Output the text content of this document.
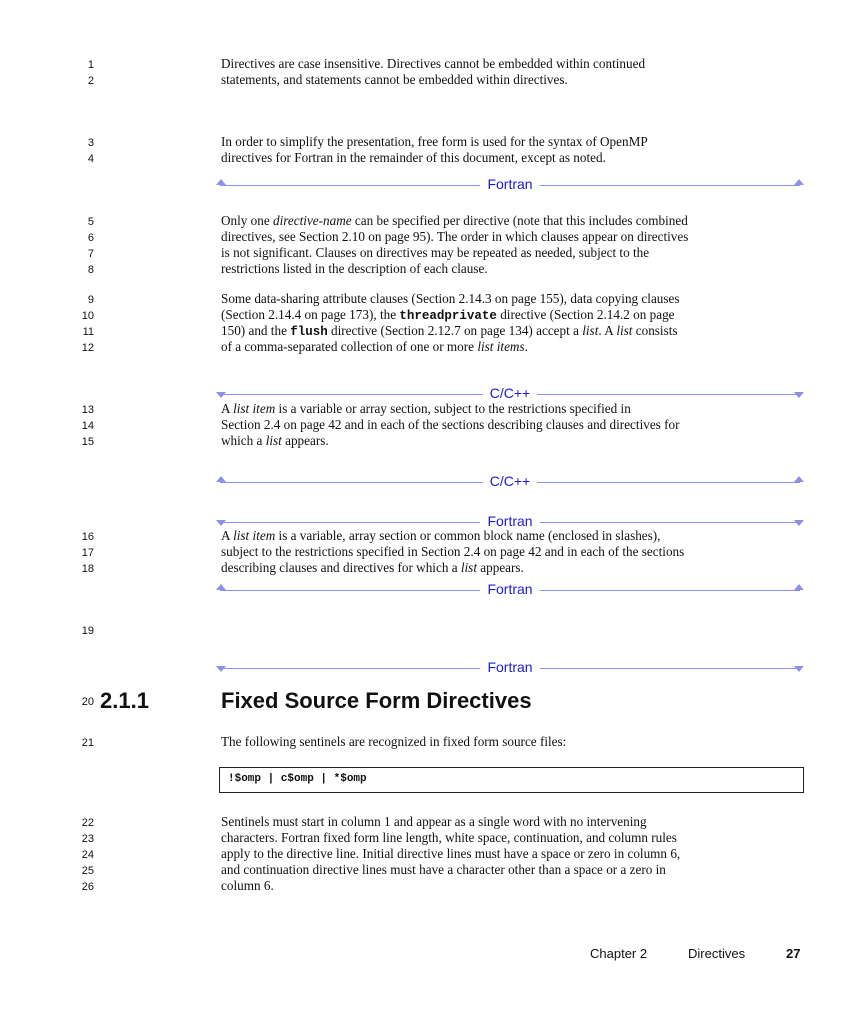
1
2
3
4
5
6
7
8
9
10
11
12
13
14
15
16
17
18
19
20
21
22
23
24
25
26
Directives are case insensitive. Directives cannot be embedded within continued
statements, and statements cannot be embedded within directives.
In order to simplify the presentation, free form is used for the syntax of OpenMP
directives for Fortran in the remainder of this document, except as noted.
Fortran
Only one directive-name can be specified per directive (note that this includes combined
directives, see Section 2.10 on page 95). The order in which clauses appear on directives
is not significant. Clauses on directives may be repeated as needed, subject to the
restrictions listed in the description of each clause.
Some data-sharing attribute clauses (Section 2.14.3 on page 155), data copying clauses
(Section 2.14.4 on page 173), the threadprivate directive (Section 2.14.2 on page
150) and the flush directive (Section 2.12.7 on page 134) accept a list. A list consists
of a comma-separated collection of one or more list items.
C/C++
A list item is a variable or array section, subject to the restrictions specified in
Section 2.4 on page 42 and in each of the sections describing clauses and directives for
which a list appears.
C/C++
Fortran
A list item is a variable, array section or common block name (enclosed in slashes),
subject to the restrictions specified in Section 2.4 on page 42 and in each of the sections
describing clauses and directives for which a list appears.
Fortran
Fortran
2.1.1	Fixed Source Form Directives
The following sentinels are recognized in fixed form source files:
!$omp | c$omp | *$omp
Sentinels must start in column 1 and appear as a single word with no intervening
characters. Fortran fixed form line length, white space, continuation, and column rules
apply to the directive line. Initial directive lines must have a space or zero in column 6,
and continuation directive lines must have a character other than a space or a zero in
column 6.
Chapter 2	Directives	27
